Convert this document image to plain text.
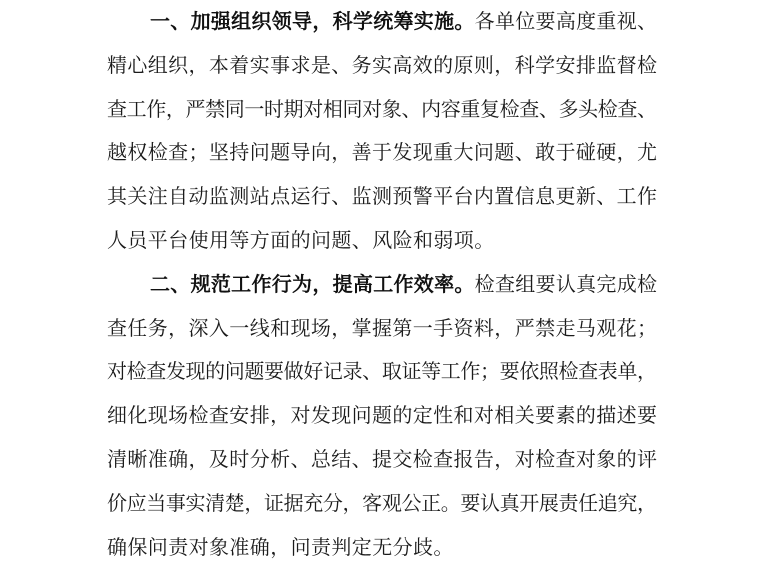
一、加强组织领导，科学统筹实施。各单位要高度重视、
精心组织，本着实事求是、务实高效的原则，科学安排监督检
查工作，严禁同一时期对相同对象、内容重复检查、多头检查、
越权检查；坚持问题导向，善于发现重大问题、敢于碰硬，尤
其关注自动监测站点运行、监测预警平台内置信息更新、工作
人员平台使用等方面的问题、风险和弱项。
二、规范工作行为，提高工作效率。检查组要认真完成检
查任务，深入一线和现场，掌握第一手资料，严禁走马观花；
对检查发现的问题要做好记录、取证等工作；要依照检查表单，
细化现场检查安排，对发现问题的定性和对相关要素的描述要
清晰准确，及时分析、总结、提交检查报告，对检查对象的评
价应当事实清楚，证据充分，客观公正。要认真开展责任追究，
确保问责对象准确，问责判定无分歧。
